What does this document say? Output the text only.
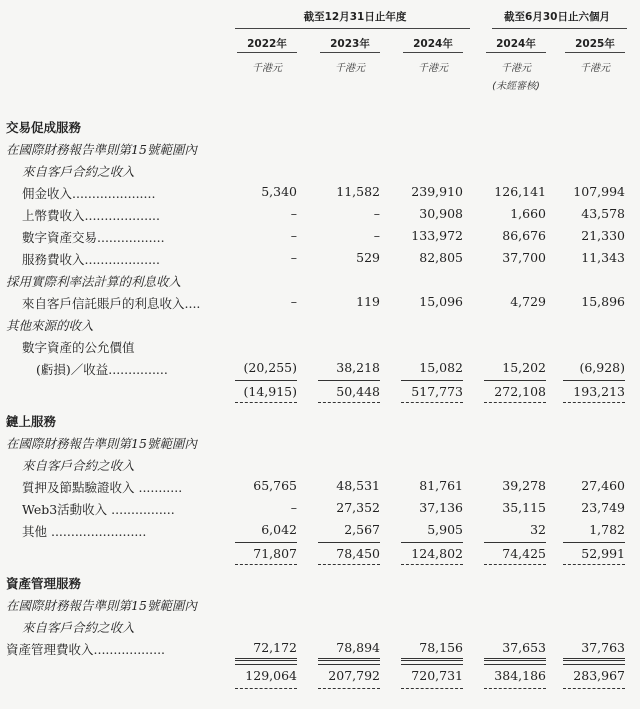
截至12月31日止年度	截至6月30日止六個月
2022年	2023年	2024年	2024年	2025年
千港元	千港元	千港元	千港元	千港元
(未經審核)
交易促成服務
在國際財務報告準則第15號範圍內
來自客戶合約之收入
佣金收入.....................	5,340	11,582	239,910	126,141	107,994
上幣費收入...................	–	–	30,908	1,660	43,578
數字資產交易.................	–	–	133,972	86,676	21,330
服務費收入...................	–	529	82,805	37,700	11,343
採用實際利率法計算的利息收入
來自客戶信託賬戶的利息收入....	–	119	15,096	4,729	15,896
其他來源的收入
數字資產的公允價值
(虧損)／收益...............	(20,255)	38,218	15,082	15,202	(6,928)
(14,915)	50,448	517,773	272,108	193,213
鏈上服務
在國際財務報告準則第15號範圍內
來自客戶合約之收入
質押及節點驗證收入 ...........	65,765	48,531	81,761	39,278	27,460
Web3活動收入 ................	–	27,352	37,136	35,115	23,749
其他 ........................	6,042	2,567	5,905	32	1,782
71,807	78,450	124,802	74,425	52,991
資產管理服務
在國際財務報告準則第15號範圍內
來自客戶合約之收入
資產管理費收入..................	72,172	78,894	78,156	37,653	37,763
129,064	207,792	720,731	384,186	283,967
